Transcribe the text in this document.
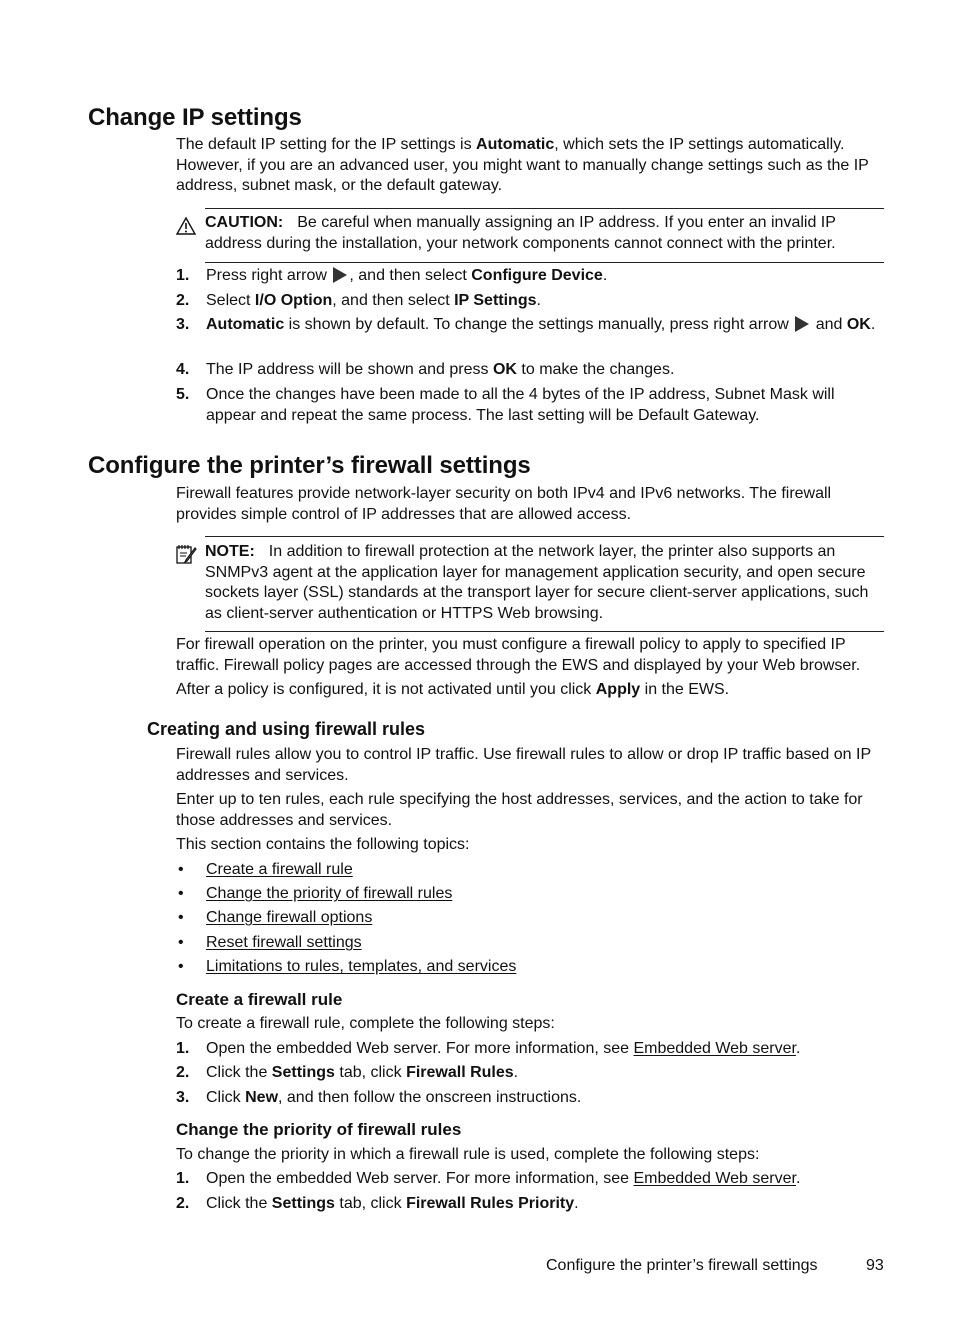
Change IP settings

The default IP setting for the IP settings is Automatic, which sets the IP settings automatically. However, if you are an advanced user, you might want to manually change settings such as the IP address, subnet mask, or the default gateway.

CAUTION: Be careful when manually assigning an IP address. If you enter an invalid IP address during the installation, your network components cannot connect with the printer.

1. Press right arrow , and then select Configure Device.
2. Select I/O Option, and then select IP Settings.
3. Automatic is shown by default. To change the settings manually, press right arrow  and OK.
4. The IP address will be shown and press OK to make the changes.
5. Once the changes have been made to all the 4 bytes of the IP address, Subnet Mask will appear and repeat the same process. The last setting will be Default Gateway.
Configure the printer’s firewall settings

Firewall features provide network-layer security on both IPv4 and IPv6 networks. The firewall provides simple control of IP addresses that are allowed access.

NOTE: In addition to firewall protection at the network layer, the printer also supports an SNMPv3 agent at the application layer for management application security, and open secure sockets layer (SSL) standards at the transport layer for secure client-server applications, such as client-server authentication or HTTPS Web browsing.

For firewall operation on the printer, you must configure a firewall policy to apply to specified IP traffic. Firewall policy pages are accessed through the EWS and displayed by your Web browser.

After a policy is configured, it is not activated until you click Apply in the EWS.

Creating and using firewall rules

Firewall rules allow you to control IP traffic. Use firewall rules to allow or drop IP traffic based on IP addresses and services.

Enter up to ten rules, each rule specifying the host addresses, services, and the action to take for those addresses and services.

This section contains the following topics:

• Create a firewall rule
• Change the priority of firewall rules
• Change firewall options
• Reset firewall settings
• Limitations to rules, templates, and services
Create a firewall rule

To create a firewall rule, complete the following steps:

1. Open the embedded Web server. For more information, see Embedded Web server.
2. Click the Settings tab, click Firewall Rules.
3. Click New, and then follow the onscreen instructions.
Change the priority of firewall rules

To change the priority in which a firewall rule is used, complete the following steps:

1. Open the embedded Web server. For more information, see Embedded Web server.
2. Click the Settings tab, click Firewall Rules Priority.
Configure the printer’s firewall settings	93
